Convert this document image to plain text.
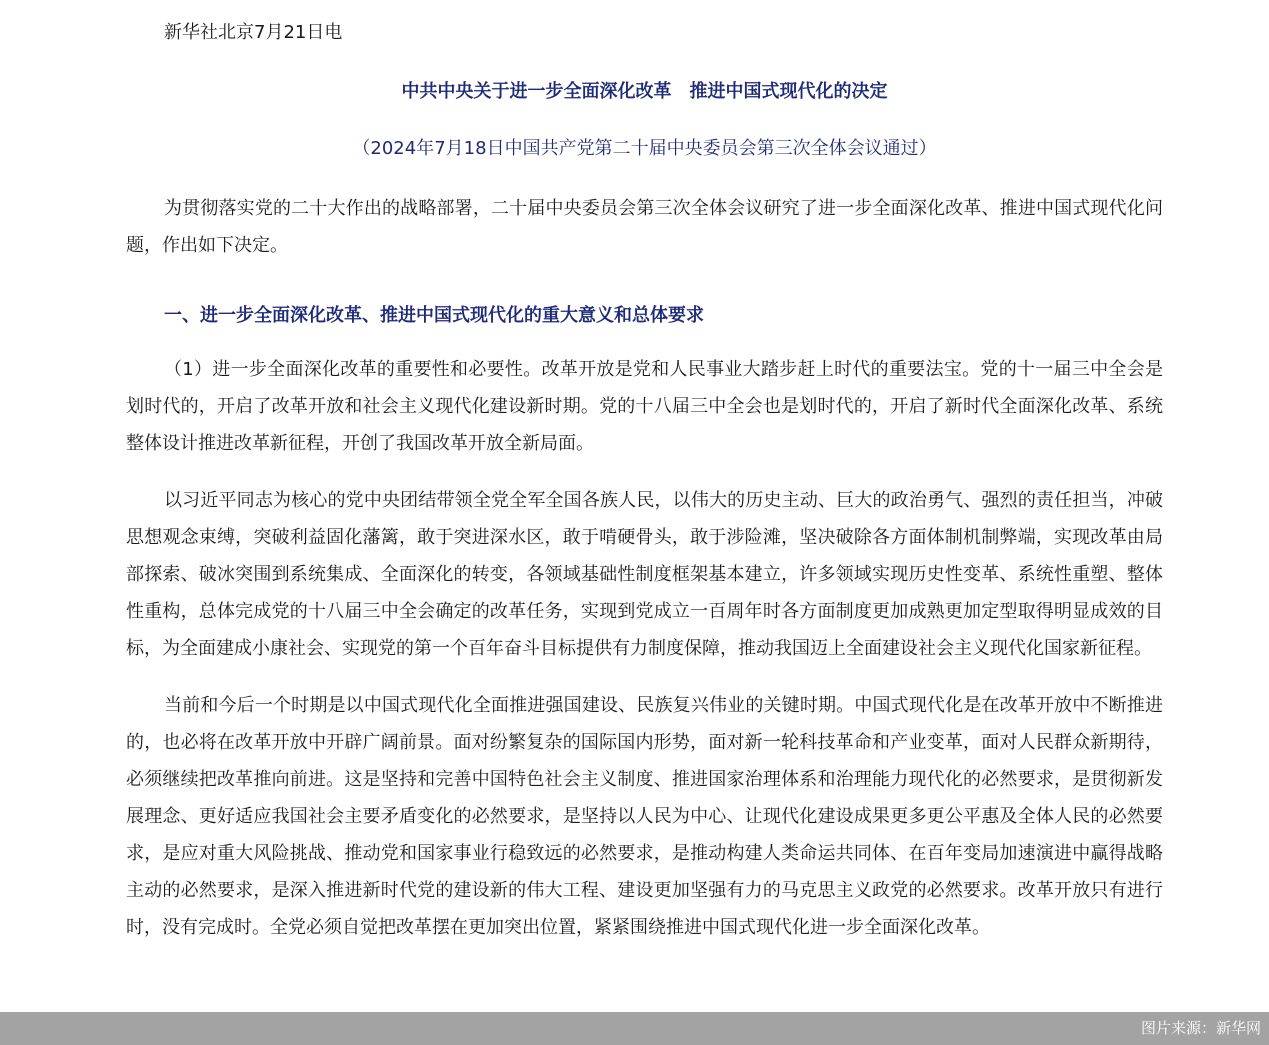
新华社北京7月21日电
中共中央关于进一步全面深化改革　推进中国式现代化的决定
（2024年7月18日中国共产党第二十届中央委员会第三次全体会议通过）

为贯彻落实党的二十大作出的战略部署，二十届中央委员会第三次全体会议研究了进一步全面深化改革、推进中国式现代化问题，作出如下决定。

一、进一步全面深化改革、推进中国式现代化的重大意义和总体要求

（1）进一步全面深化改革的重要性和必要性。改革开放是党和人民事业大踏步赶上时代的重要法宝。党的十一届三中全会是划时代的，开启了改革开放和社会主义现代化建设新时期。党的十八届三中全会也是划时代的，开启了新时代全面深化改革、系统整体设计推进改革新征程，开创了我国改革开放全新局面。

以习近平同志为核心的党中央团结带领全党全军全国各族人民，以伟大的历史主动、巨大的政治勇气、强烈的责任担当，冲破思想观念束缚，突破利益固化藩篱，敢于突进深水区，敢于啃硬骨头，敢于涉险滩，坚决破除各方面体制机制弊端，实现改革由局部探索、破冰突围到系统集成、全面深化的转变，各领域基础性制度框架基本建立，许多领域实现历史性变革、系统性重塑、整体性重构，总体完成党的十八届三中全会确定的改革任务，实现到党成立一百周年时各方面制度更加成熟更加定型取得明显成效的目标，为全面建成小康社会、实现党的第一个百年奋斗目标提供有力制度保障，推动我国迈上全面建设社会主义现代化国家新征程。

当前和今后一个时期是以中国式现代化全面推进强国建设、民族复兴伟业的关键时期。中国式现代化是在改革开放中不断推进的，也必将在改革开放中开辟广阔前景。面对纷繁复杂的国际国内形势，面对新一轮科技革命和产业变革，面对人民群众新期待，必须继续把改革推向前进。这是坚持和完善中国特色社会主义制度、推进国家治理体系和治理能力现代化的必然要求，是贯彻新发展理念、更好适应我国社会主要矛盾变化的必然要求，是坚持以人民为中心、让现代化建设成果更多更公平惠及全体人民的必然要求，是应对重大风险挑战、推动党和国家事业行稳致远的必然要求，是推动构建人类命运共同体、在百年变局加速演进中赢得战略主动的必然要求，是深入推进新时代党的建设新的伟大工程、建设更加坚强有力的马克思主义政党的必然要求。改革开放只有进行时，没有完成时。全党必须自觉把改革摆在更加突出位置，紧紧围绕推进中国式现代化进一步全面深化改革。

图片来源：新华网
